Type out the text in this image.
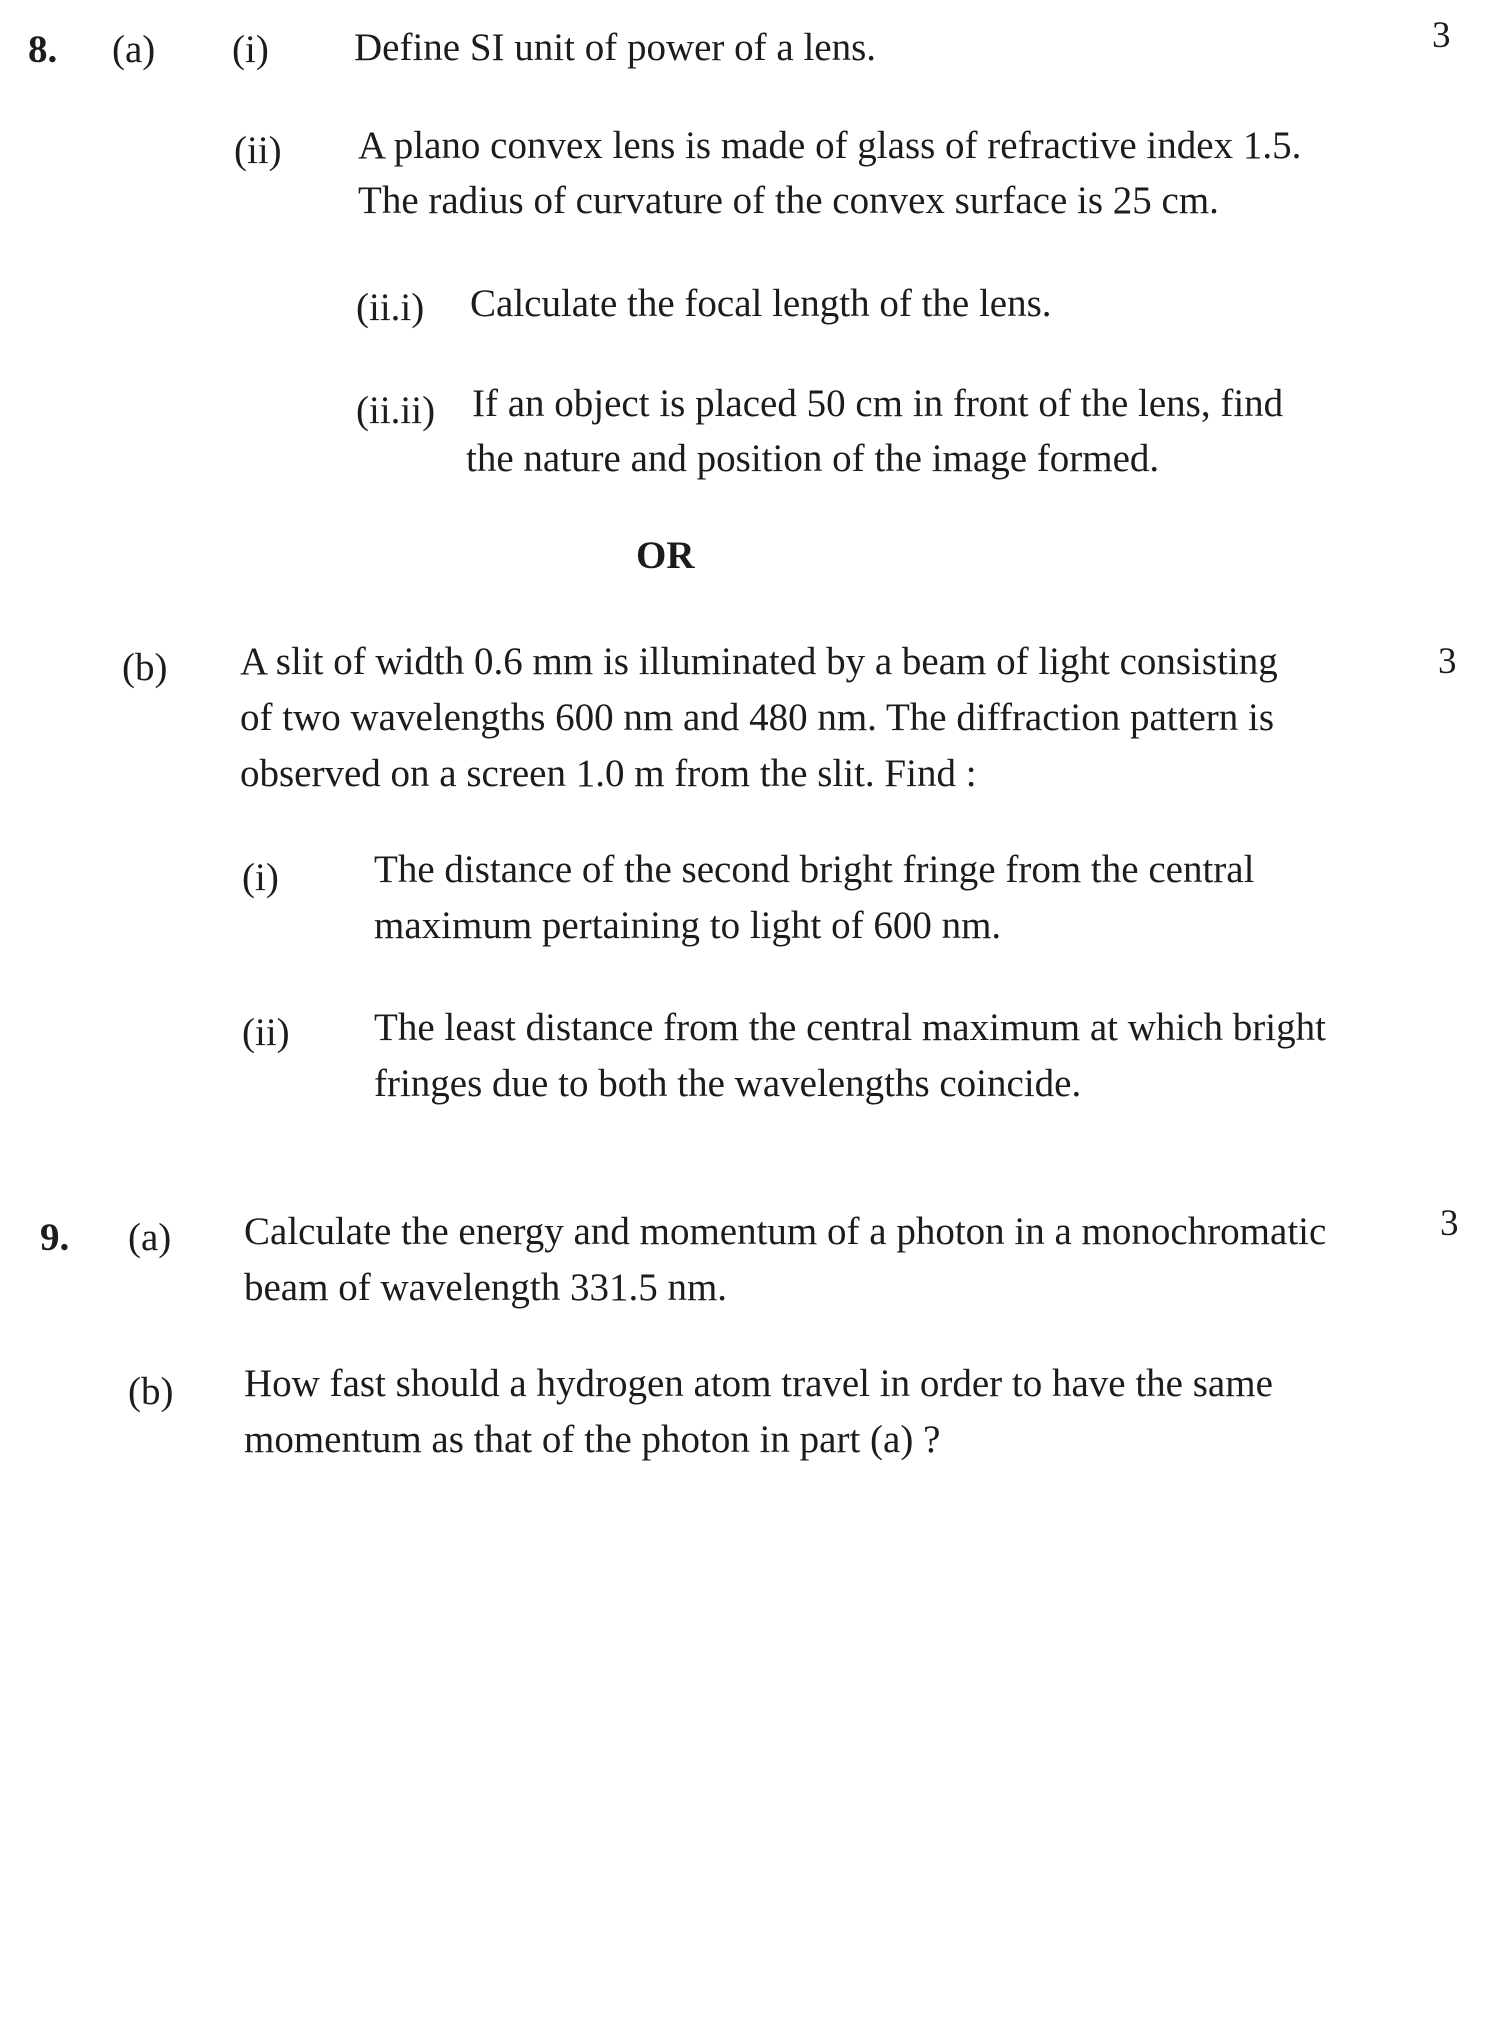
8. (a) (i) Define SI unit of power of a lens.	3
(ii) A plano convex lens is made of glass of refractive index 1.5.
The radius of curvature of the convex surface is 25 cm.
(ii.i) Calculate the focal length of the lens.
(ii.ii) If an object is placed 50 cm in front of the lens, find
the nature and position of the image formed.
OR
(b) A slit of width 0.6 mm is illuminated by a beam of light consisting
of two wavelengths 600 nm and 480 nm. The diffraction pattern is
observed on a screen 1.0 m from the slit. Find :
3
(i) The distance of the second bright fringe from the central
maximum pertaining to light of 600 nm.
(ii) The least distance from the central maximum at which bright
fringes due to both the wavelengths coincide.
9. (a) Calculate the energy and momentum of a photon in a monochromatic
beam of wavelength 331.5 nm.
3
(b) How fast should a hydrogen atom travel in order to have the same
momentum as that of the photon in part (a) ?
